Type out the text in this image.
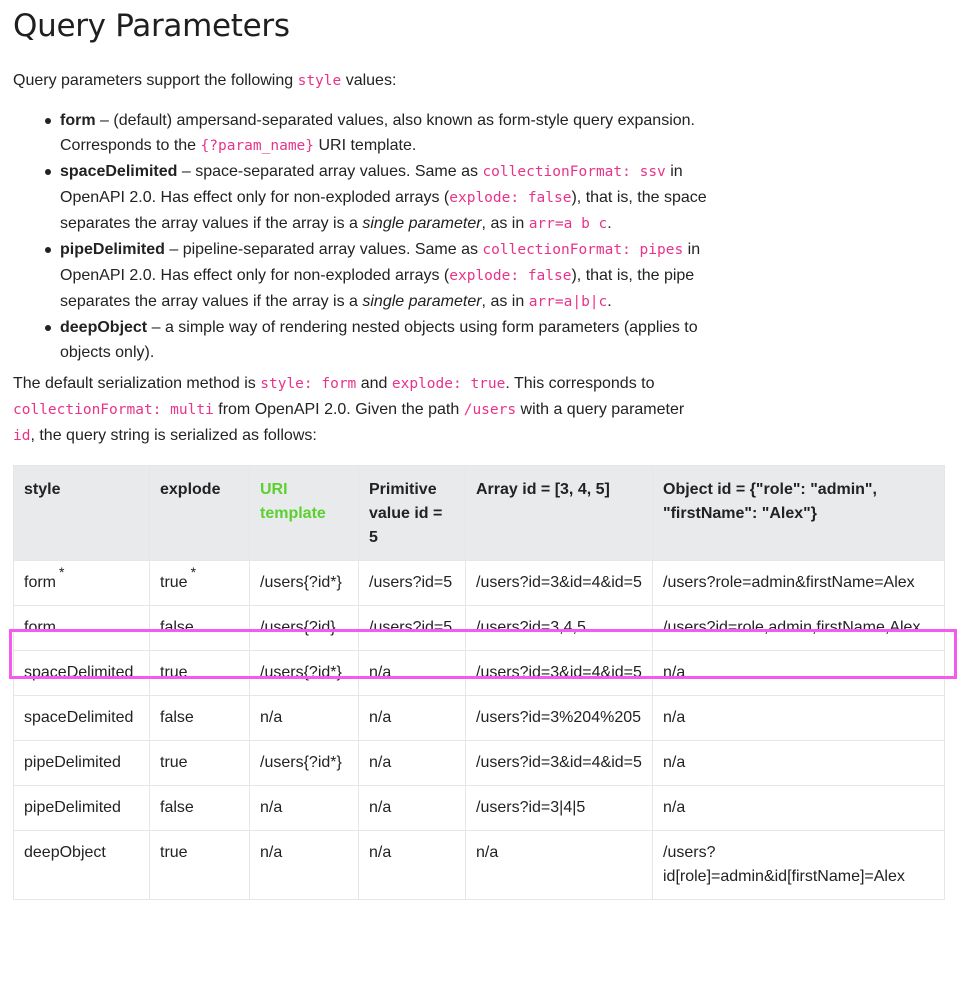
Query Parameters
Query parameters support the following style values:
form – (default) ampersand-separated values, also known as form-style query expansion. Corresponds to the {?param_name} URI template.
spaceDelimited – space-separated array values. Same as collectionFormat: ssv in OpenAPI 2.0. Has effect only for non-exploded arrays (explode: false), that is, the space separates the array values if the array is a single parameter, as in arr=a b c.
pipeDelimited – pipeline-separated array values. Same as collectionFormat: pipes in OpenAPI 2.0. Has effect only for non-exploded arrays (explode: false), that is, the pipe separates the array values if the array is a single parameter, as in arr=a|b|c.
deepObject – a simple way of rendering nested objects using form parameters (applies to objects only).
The default serialization method is style: form and explode: true. This corresponds to collectionFormat: multi from OpenAPI 2.0. Given the path /users with a query parameter id, the query string is serialized as follows:
style	explode	URI template	Primitive value id = 5	Array id = [3, 4, 5]	Object id = {"role": "admin", "firstName": "Alex"}
form*	true*	/users{?id*}	/users?id=5	/users?id=3&id=4&id=5	/users?role=admin&firstName=Alex
form	false	/users{?id}	/users?id=5	/users?id=3,4,5	/users?id=role,admin,firstName,Alex
spaceDelimited	true	/users{?id*}	n/a	/users?id=3&id=4&id=5	n/a
spaceDelimited	false	n/a	n/a	/users?id=3%204%205	n/a
pipeDelimited	true	/users{?id*}	n/a	/users?id=3&id=4&id=5	n/a
pipeDelimited	false	n/a	n/a	/users?id=3|4|5	n/a
deepObject	true	n/a	n/a	n/a	/users?id[role]=admin&id[firstName]=Alex
